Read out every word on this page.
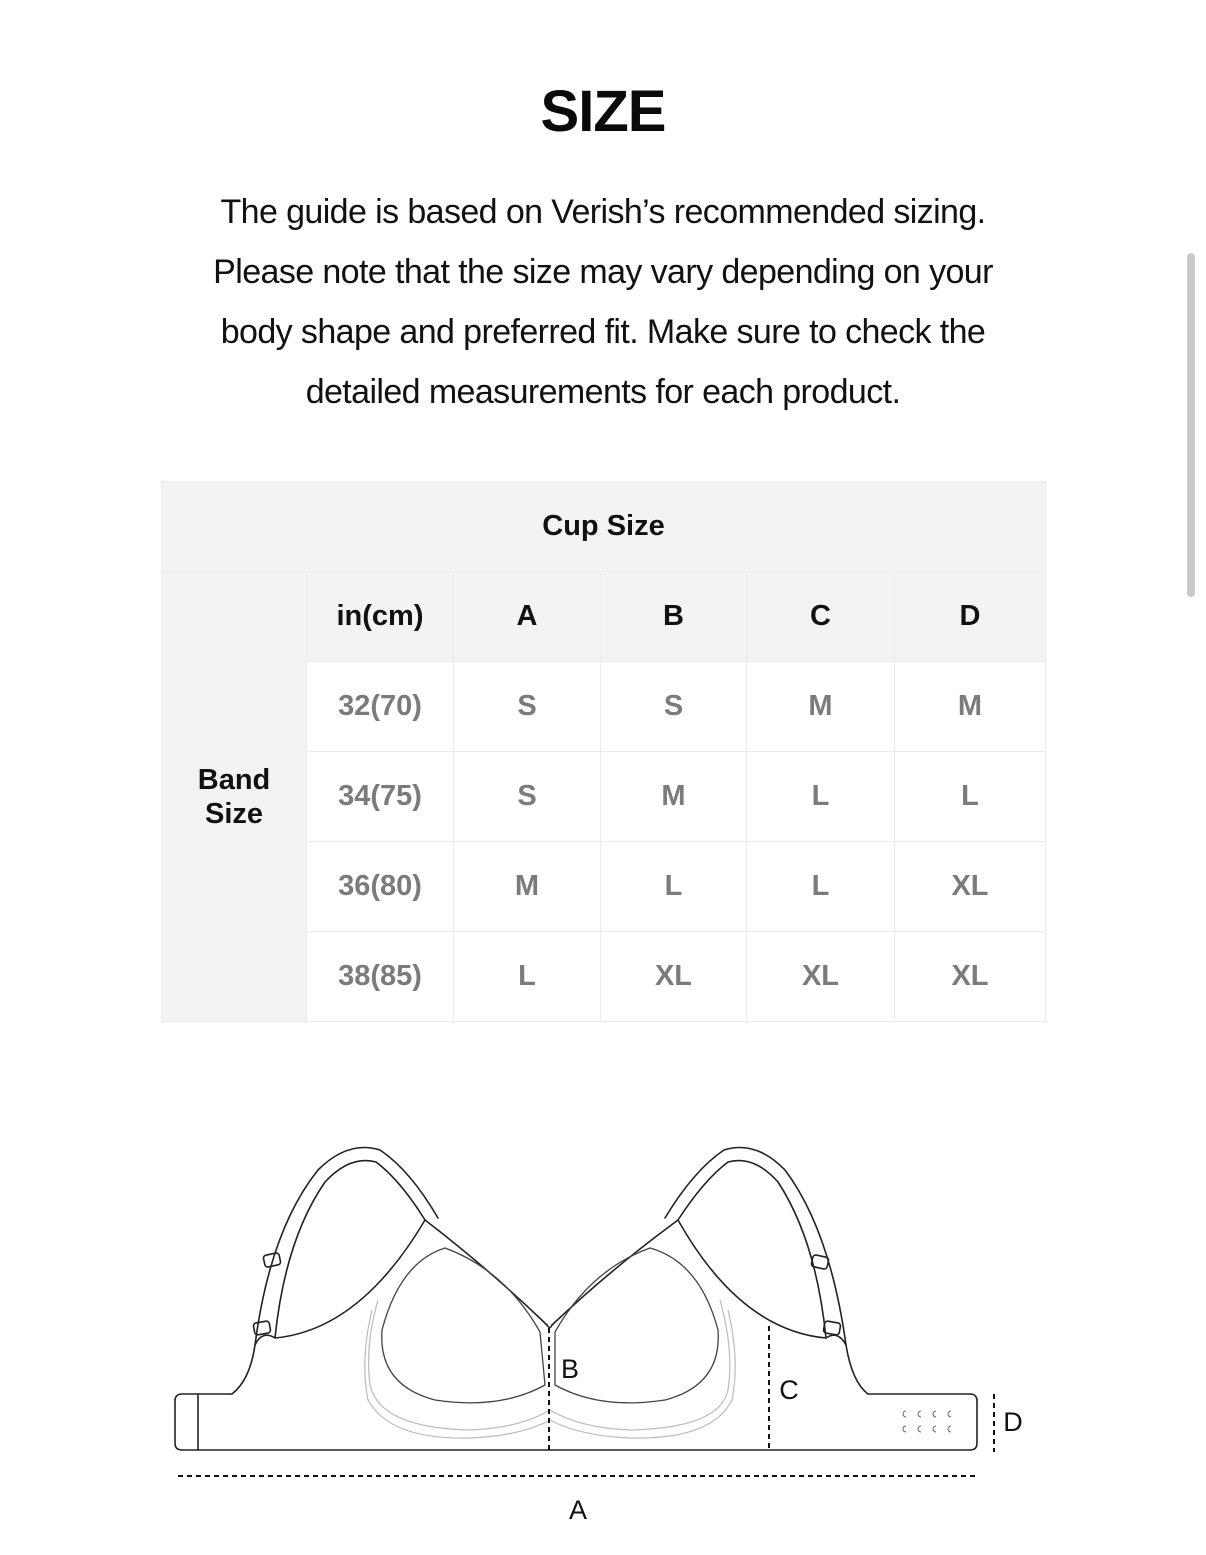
SIZE
The guide is based on Verish’s recommended sizing.
Please note that the size may vary depending on your
body shape and preferred fit. Make sure to check the
detailed measurements for each product.
Cup Size					
Band
Size	in(cm)	A	B	C	D
	32(70)	S	S	M	M
	34(75)	S	M	L	L
	36(80)	M	L	L	XL
	38(85)	L	XL	XL	XL
A
B
C
D
